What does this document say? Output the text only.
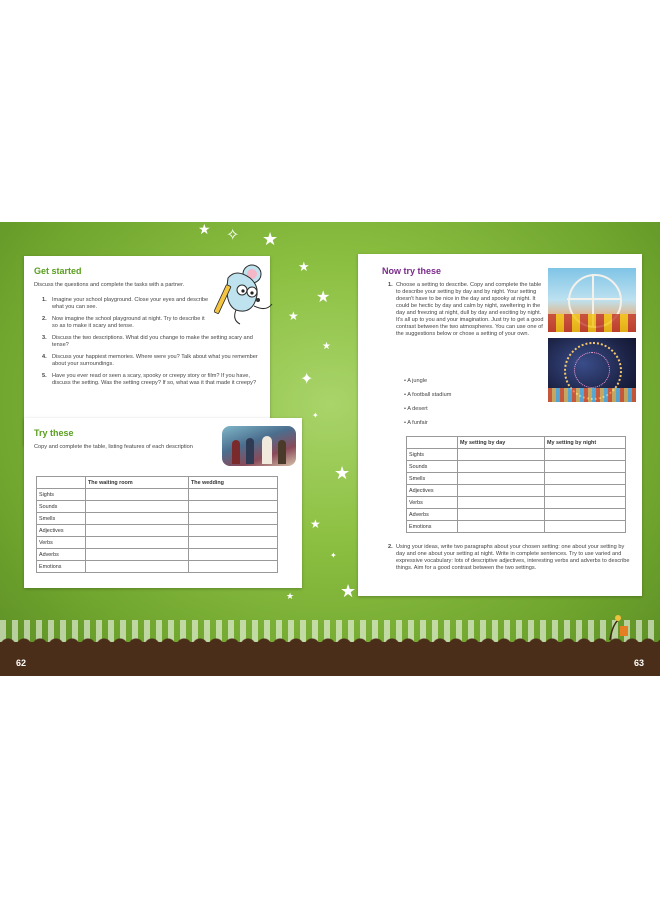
★	★
✧
★
★
★
★
✦
★
★
★
★
✦
✦
62	63

Get started

Discuss the questions and complete the tasks with a partner.
1. Imagine your school playground. Close your eyes and describe what you can see.
2. Now imagine the school playground at night. Try to describe it so as to make it scary and tense.
3. Discuss the two descriptions. What did you change to make the setting scary and tense?
4. Discuss your happiest memories. Where were you? Talk about what you remember about your surroundings.
5. Have you ever read or seen a scary, spooky or creepy story or film? If you have, discuss the setting. Was the setting creepy? If so, what was it that made it creepy?

Try these

Copy and complete the table, listing features of each description
	The waiting room	The wedding
Sights		
Sounds		
Smells		
Adjectives		
Verbs		
Adverbs		
Emotions		

Now try these

1. Choose a setting to describe. Copy and complete the table to describe your setting by day and by night. Your setting doesn't have to be nice in the day and spooky at night. It could be hectic by day and calm by night, sweltering in the day and freezing at night, dull by day and exciting by night. It's all up to you and your imagination. Just try to get a good contrast between the two atmospheres. You can use one of the suggestions below or chose a setting of your own.
• A jungle
• A football stadium
• A desert
• A funfair
	My setting by day	My setting by night
Sights		
Sounds		
Smells		
Adjectives		
Verbs		
Adverbs		
Emotions		
2. Using your ideas, write two paragraphs about your chosen setting: one about your setting by day and one about your setting at night. Write in complete sentences. Try to use varied and expressive vocabulary: lots of descriptive adjectives, interesting verbs and adverbs to describe things. Aim for a good contrast between the two settings.
